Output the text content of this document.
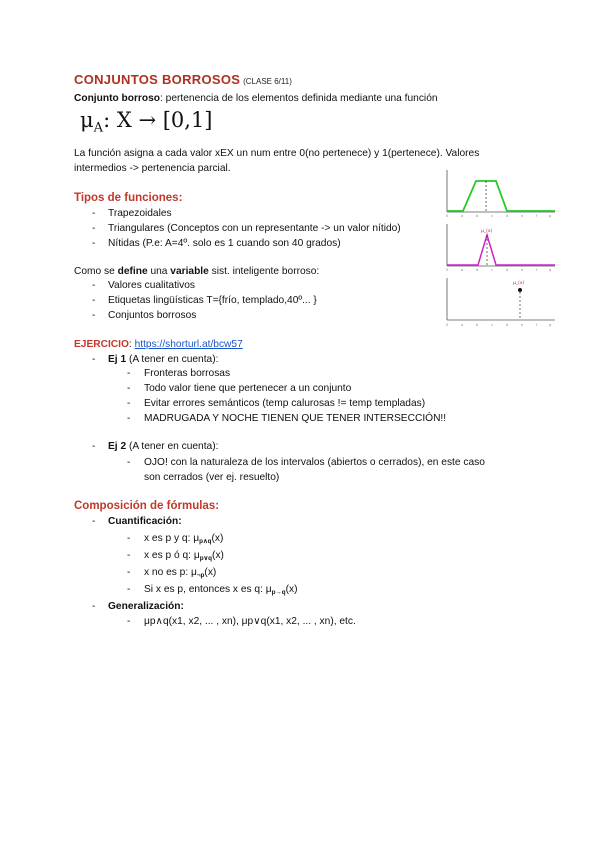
CONJUNTOS BORROSOS (CLASE 6/11)
Conjunto borroso: pertenencia de los elementos definida mediante una función
$\mu_A$: X → [0,1]
La función asigna a cada valor xEX un num entre 0(no pertenece) y 1(pertenece). Valores
intermedios -> pertenencia parcial.
Tipos de funciones:
- Trapezoidales
- Triangulares (Conceptos con un representante -> un valor nítido)
- Nítidas (P.e: A=4º. solo es 1 cuando son 40 grados)
Como se define una variable sist. inteligente borroso:
- Valores cualitativos
- Etiquetas lingüísticas T={frío, templado,40º... }
- Conjuntos borrosos
EJERCICIO: https://shorturl.at/bcw57
- Ej 1 (A tener en cuenta):
- Fronteras borrosas
- Todo valor tiene que pertenecer a un conjunto
- Evitar errores semánticos (temp calurosas != temp templadas)
- MADRUGADA Y NOCHE TIENEN QUE TENER INTERSECCIÓN!!
- Ej 2 (A tener en cuenta):
- OJO! con la naturaleza de los intervalos (abiertos o cerrados), en este caso
son cerrados (ver ej. resuelto)
Composición de fórmulas:
- Cuantificación:
- x es p y q: $\mu_{p\wedge q}(x)$
- x es p ó q: $\mu_{p\vee q}(x)$
- x no es p: $\mu_{\neg p}(x)$
- Si x es p, entonces x es q: $\mu_{p\to q}(x)$
- Generalización:
- μp∧q(x1, x2, ... , xn), μp∨q(x1, x2, ... , xn), etc.
0	a	b	c	d	e	f	g
μ_(x)
0	a	b	c	d	e	f	g
μ_(x)
0	a	b	c	d	e	f	g
